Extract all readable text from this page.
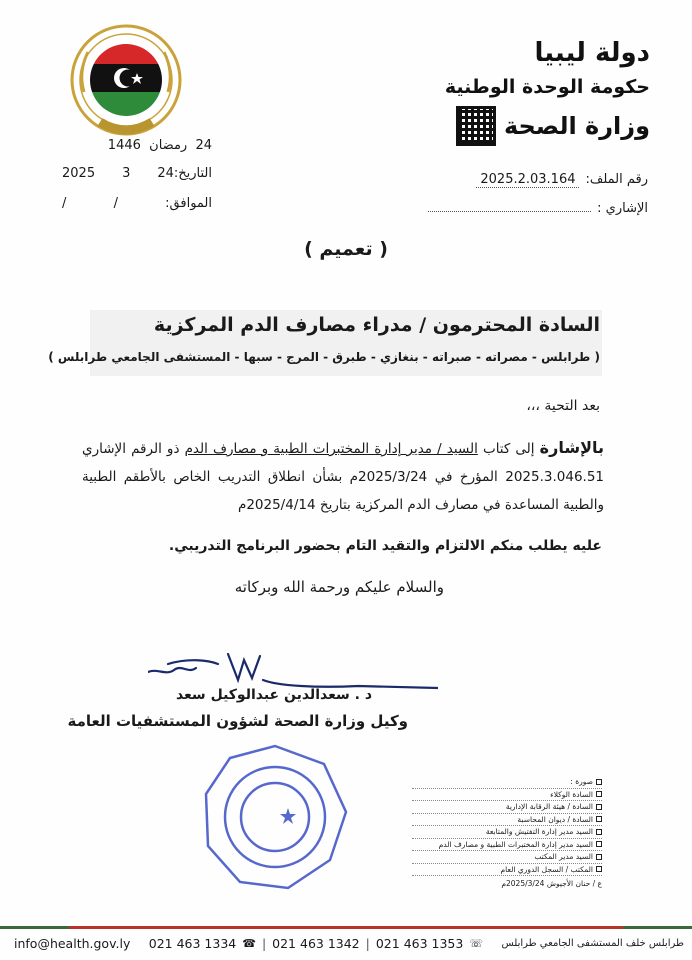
دولة ليبيا
حكومة الوحدة الوطنية
وزارة الصحة
24  رمضان  1446
التاريخ:24
3
2025
الموافق:
/
/
رقم الملف:
2025.2.03.164
الإشاري :
( تعميم )
السادة المحترمون / مدراء مصارف الدم المركزية
( طرابلس - مصراته - صبراته - بنغازي - طبرق - المرج - سبها - المستشفى الجامعي طرابلس )
بعد التحية ،،،
بالإشارة إلى كتاب السيد / مدير إدارة المختبرات الطبية و مصارف الدم ذو الرقم الإشاري 2025.3.046.51 المؤرخ في 2025/3/24م بشأن انطلاق التدريب الخاص بالأطقم الطبية والطبية المساعدة في مصارف الدم المركزية بتاريخ 2025/4/14م
عليه يطلب منكم الالتزام والتقيد التام بحضور البرنامج التدريبي.
والسلام عليكم ورحمة الله وبركاته
د . سعدالدين عبدالوكيل سعد
وكيل وزارة الصحة لشؤون المستشفيات العامة
صورة :
السادة الوكلاء
السادة / هيئة الرقابة الإدارية
السادة / ديوان المحاسبة
السيد مدير إدارة التفتيش والمتابعة
السيد مدير إدارة المختبرات الطبية و مصارف الدم
السيد مدير المكتب
المكتب / السجل الدوري العام
ع / حنان الأجيوش 2025/3/24م
info@health.gov.ly 021 463 1334 ☎ | 021 463 1342 | 021 463 1353 ☏ طرابلس خلف المستشفى الجامعي طرابلس
